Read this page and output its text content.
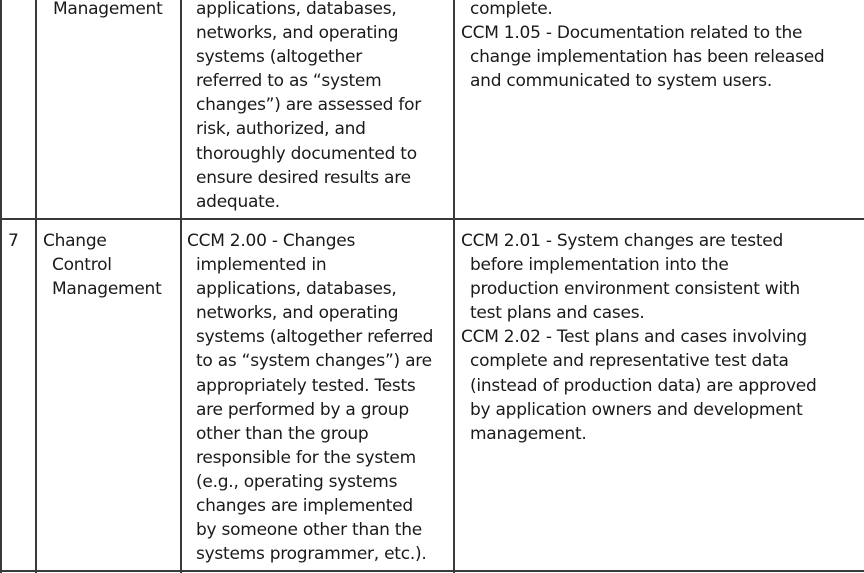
Management applications, databases,
networks, and operating
systems (altogether
referred to as “system
changes”) are assessed for
risk, authorized, and
thoroughly documented to
ensure desired results are
adequate.
complete.
CCM 1.05 - Documentation related to the
change implementation has been released
and communicated to system users.
7 Change
Control
Management
CCM 2.00 - Changes
implemented in
applications, databases,
networks, and operating
systems (altogether referred
to as “system changes”) are
appropriately tested. Tests
are performed by a group
other than the group
responsible for the system
(e.g., operating systems
changes are implemented
by someone other than the
systems programmer, etc.).
CCM 2.01 - System changes are tested
before implementation into the
production environment consistent with
test plans and cases.
CCM 2.02 - Test plans and cases involving
complete and representative test data
(instead of production data) are approved
by application owners and development
management.
